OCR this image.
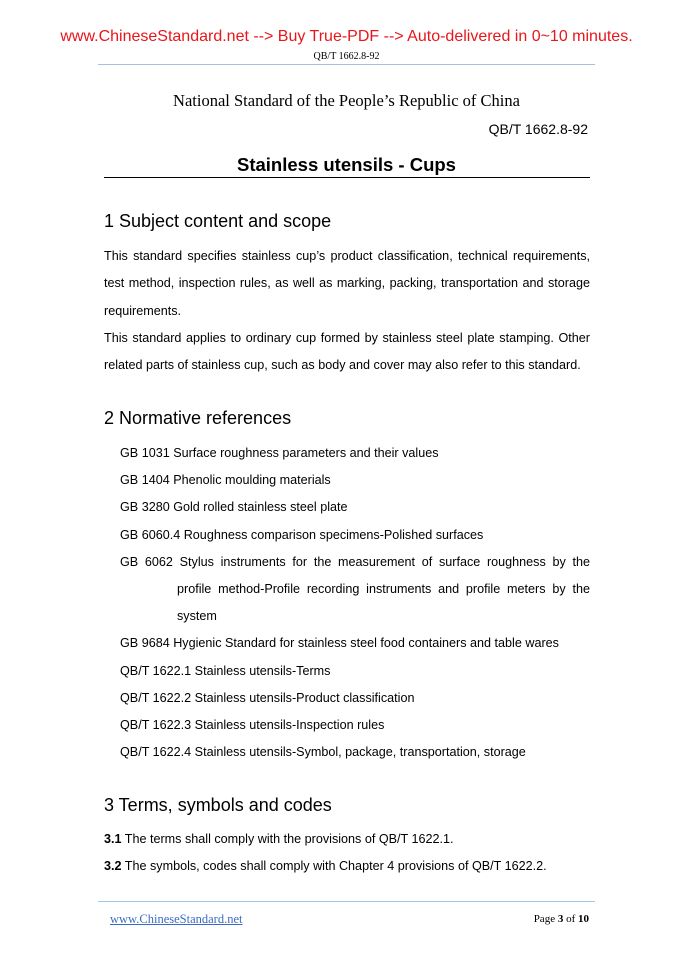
www.ChineseStandard.net --> Buy True-PDF --> Auto-delivered in 0~10 minutes.
QB/T 1662.8-92
National Standard of the People’s Republic of China
QB/T 1662.8-92
Stainless utensils - Cups
1 Subject content and scope

This standard specifies stainless cup’s product classification, technical requirements, test method, inspection rules, as well as marking, packing, transportation and storage requirements.

This standard applies to ordinary cup formed by stainless steel plate stamping. Other related parts of stainless cup, such as body and cover may also refer to this standard.

2 Normative references
GB 1031 Surface roughness parameters and their values
GB 1404 Phenolic moulding materials
GB 3280 Gold rolled stainless steel plate
GB 6060.4 Roughness comparison specimens-Polished surfaces
GB 6062 Stylus instruments for the measurement of surface roughness by the profile method-Profile recording instruments and profile meters by the system
GB 9684 Hygienic Standard for stainless steel food containers and table wares
QB/T 1622.1 Stainless utensils-Terms
QB/T 1622.2 Stainless utensils-Product classification
QB/T 1622.3 Stainless utensils-Inspection rules
QB/T 1622.4 Stainless utensils-Symbol, package, transportation, storage
3 Terms, symbols and codes
3.1 The terms shall comply with the provisions of QB/T 1622.1.
3.2 The symbols, codes shall comply with Chapter 4 provisions of QB/T 1622.2.
www.ChineseStandard.net	Page 3 of 10
